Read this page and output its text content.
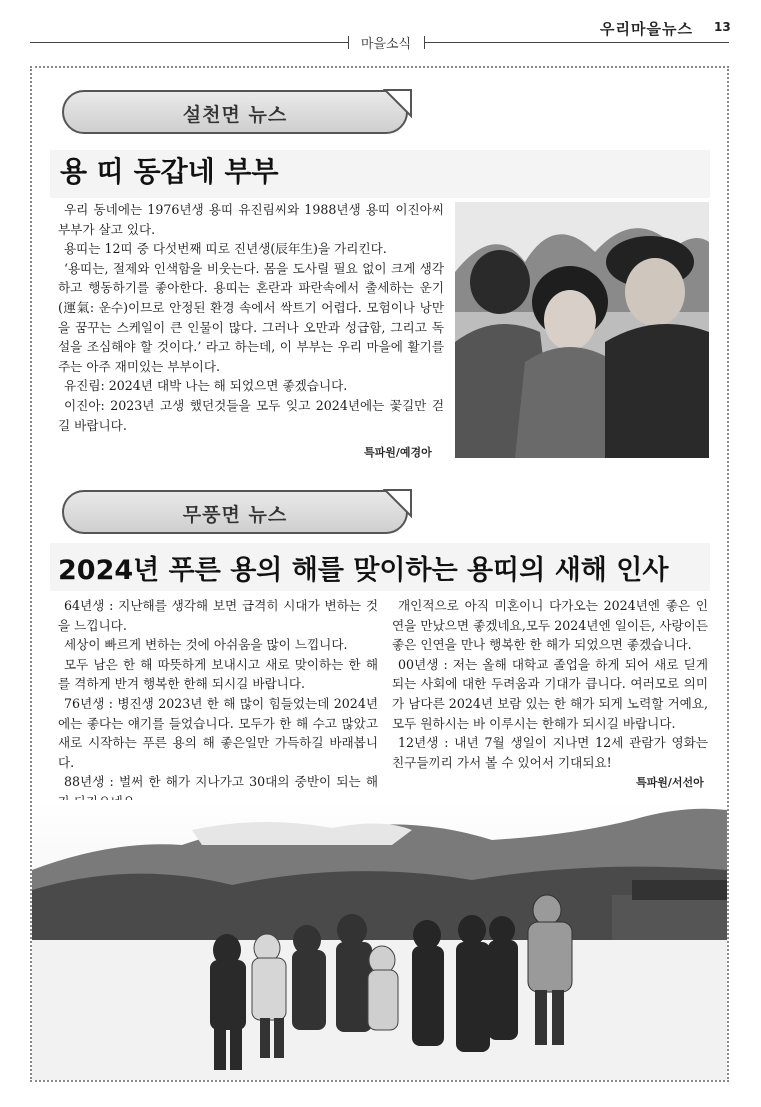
마을소식
우리마을뉴스 13
설천면 뉴스
용 띠 동갑네 부부

우리 동네에는 1976년생 용띠 유진림씨와 1988년생 용띠 이진아씨 부부가 살고 있다.

용띠는 12띠 중 다섯번째 띠로 진년생(辰年生)을 가리킨다.

‘용띠는, 절제와 인색함을 비웃는다. 몸을 도사릴 필요 없이 크게 생각하고 행동하기를 좋아한다. 용띠는 혼란과 파란속에서 출세하는 운기(運氣: 운수)이므로 안정된 환경 속에서 싹트기 어렵다. 모험이나 낭만을 꿈꾸는 스케일이 큰 인물이 많다. 그러나 오만과 성급함, 그리고 독설을 조심해야 할 것이다.’ 라고 하는데, 이 부부는 우리 마을에 활기를 주는 아주 재미있는 부부이다.

유진림: 2024년 대박 나는 해 되었으면 좋겠습니다.

이진아: 2023년 고생 했던것들을 모두 잊고 2024년에는 꽃길만 걷길 바랍니다.

특파원/예경아
무풍면 뉴스
2024년 푸른 용의 해를 맞이하는 용띠의 새해 인사

64년생 : 지난해를 생각해 보면 급격히 시대가 변하는 것을 느낍니다.

세상이 빠르게 변하는 것에 아쉬움을 많이 느낍니다.

모두 남은 한 해 따뜻하게 보내시고 새로 맞이하는 한 해를 격하게 반겨 행복한 한해 되시길 바랍니다.

76년생 : 병진생 2023년 한 해 많이 힘들었는데 2024년에는 좋다는 얘기를 들었습니다. 모두가 한 해 수고 많았고 새로 시작하는 푸른 용의 해 좋은일만 가득하길 바래봅니다.

88년생 : 벌써 한 해가 지나가고 30대의 중반이 되는 해

개인적으로 아직 미혼이니 다가오는 2024년엔 좋은 인연을 만났으면 좋겠네요,모두 2024년엔 일이든, 사랑이든 좋은 인연을 만나 행복한 한 해가 되었으면 좋겠습니다.

00년생 : 저는 올해 대학교 졸업을 하게 되어 새로 딛게 되는 사회에 대한 두려움과 기대가 큽니다. 여러모로 의미가 남다른 2024년 보람 있는 한 해가 되게 노력할 거예요, 모두 원하시는 바 이루시는 한해가 되시길 바랍니다.

12년생 : 내년 7월 생일이 지나면 12세 관람가 영화는 친구들끼리 가서 볼 수 있어서 기대되요!

특파원/서선아
